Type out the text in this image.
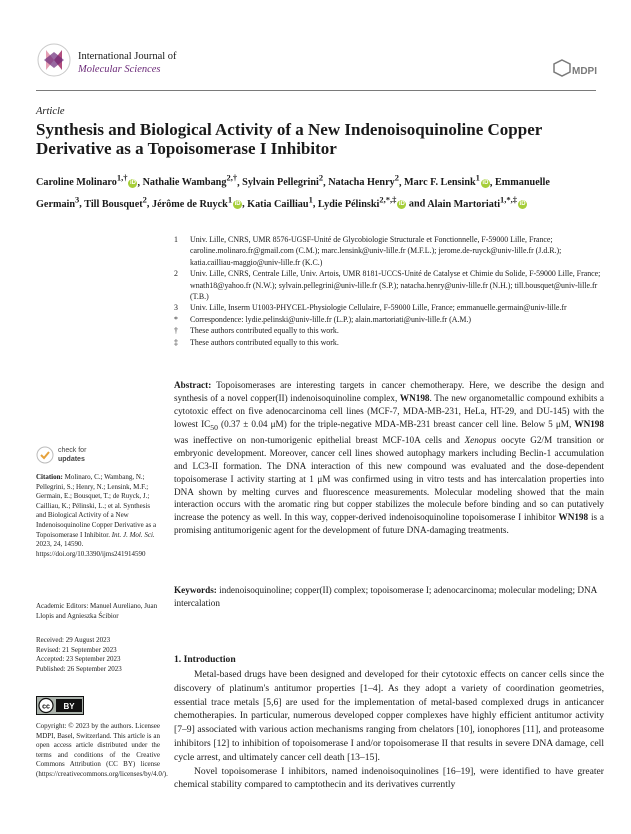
International Journal of
Molecular Sciences	MDPI
Article
Synthesis and Biological Activity of a New Indenoisoquinoline Copper Derivative as a Topoisomerase I Inhibitor
Caroline Molinaro$^{1,\dagger}$ iD , Nathalie Wambang$^{2,\dagger}$, Sylvain Pellegrini$^2$, Natacha Henry$^2$, Marc F. Lensink$^1$ iD , Emmanuelle Germain$^3$, Till Bousquet$^2$, Jérôme de Ruyck$^1$ iD , Katia Cailliau$^1$, Lydie Pélinski$^{2,*,\ddagger}$ iD and Alain Martoriati$^{1,*,\ddagger}$ iD
1	Univ. Lille, CNRS, UMR 8576-UGSF-Unité de Glycobiologie Structurale et Fonctionnelle, F-59000 Lille, France; caroline.molinaro.fr@gmail.com (C.M.); marc.lensink@univ-lille.fr (M.F.L.); jerome.de-ruyck@univ-lille.fr (J.d.R.); katia.cailliau-maggio@univ-lille.fr (K.C.)
2	Univ. Lille, CNRS, Centrale Lille, Univ. Artois, UMR 8181-UCCS-Unité de Catalyse et Chimie du Solide, F-59000 Lille, France; wnath18@yahoo.fr (N.W.); sylvain.pellegrini@univ-lille.fr (S.P.); natacha.henry@univ-lille.fr (N.H.); till.bousquet@univ-lille.fr (T.B.)
3	Univ. Lille, Inserm U1003-PHYCEL-Physiologie Cellulaire, F-59000 Lille, France; emmanuelle.germain@univ-lille.fr
*	Correspondence: lydie.pelinski@univ-lille.fr (L.P.); alain.martoriati@univ-lille.fr (A.M.)
†	These authors contributed equally to this work.
‡	These authors contributed equally to this work.
Abstract: Topoisomerases are interesting targets in cancer chemotherapy. Here, we describe the design and synthesis of a novel copper(II) indenoisoquinoline complex, WN198. The new organometallic compound exhibits a cytotoxic effect on five adenocarcinoma cell lines (MCF-7, MDA-MB-231, HeLa, HT-29, and DU-145) with the lowest $IC_{50}$ (0.37 ± 0.04 μM) for the triple-negative MDA-MB-231 breast cancer cell line. Below 5 μM, WN198 was ineffective on non-tumorigenic epithelial breast MCF-10A cells and Xenopus oocyte G2/M transition or embryonic development. Moreover, cancer cell lines showed autophagy markers including Beclin-1 accumulation and LC3-II formation. The DNA interaction of this new compound was evaluated and the dose-dependent topoisomerase I activity starting at 1 μM was confirmed using in vitro tests and has intercalation properties into DNA shown by melting curves and fluorescence measurements. Molecular modeling showed that the main interaction occurs with the aromatic ring but copper stabilizes the molecule before binding and so can putatively increase the potency as well. In this way, copper-derived indenoisoquinoline topoisomerase I inhibitor WN198 is a promising antitumorigenic agent for the development of future DNA-damaging treatments.
Keywords: indenoisoquinoline; copper(II) complex; topoisomerase I; adenocarcinoma; molecular modeling; DNA intercalation
check for
updates
Citation: Molinaro, C.; Wambang, N.; Pellegrini, S.; Henry, N.; Lensink, M.F.; Germain, E.; Bousquet, T.; de Ruyck, J.; Cailliau, K.; Pélinski, L.; et al. Synthesis and Biological Activity of a New Indenoisoquinoline Copper Derivative as a Topoisomerase I Inhibitor. Int. J. Mol. Sci. 2023, 24, 14590. https://doi.org/10.3390/ijms241914590
Academic Editors: Manuel Aureliano, Juan Llopis and Agnieszka Ścibior
Received: 29 August 2023
Revised: 21 September 2023
Accepted: 23 September 2023
Published: 26 September 2023
cc BY
Copyright: © 2023 by the authors. Licensee MDPI, Basel, Switzerland. This article is an open access article distributed under the terms and conditions of the Creative Commons Attribution (CC BY) license (https://creativecommons.org/licenses/by/4.0/).
1. Introduction
Metal-based drugs have been designed and developed for their cytotoxic effects on cancer cells since the discovery of platinum's antitumor properties [1–4]. As they adopt a variety of coordination geometries, essential trace metals [5,6] are used for the implementation of metal-based complexed drugs in anticancer chemotherapies. In particular, numerous developed copper complexes have highly efficient antitumor activity [7–9] associated with various action mechanisms ranging from chelators [10], ionophores [11], and proteasome inhibitors [12] to inhibition of topoisomerase I and/or topoisomerase II that results in severe DNA damage, cell cycle arrest, and ultimately cancer cell death [13–15].
Novel topoisomerase I inhibitors, named indenoisoquinolines [16–19], were identified to have greater chemical stability compared to camptothecin and its derivatives currently
